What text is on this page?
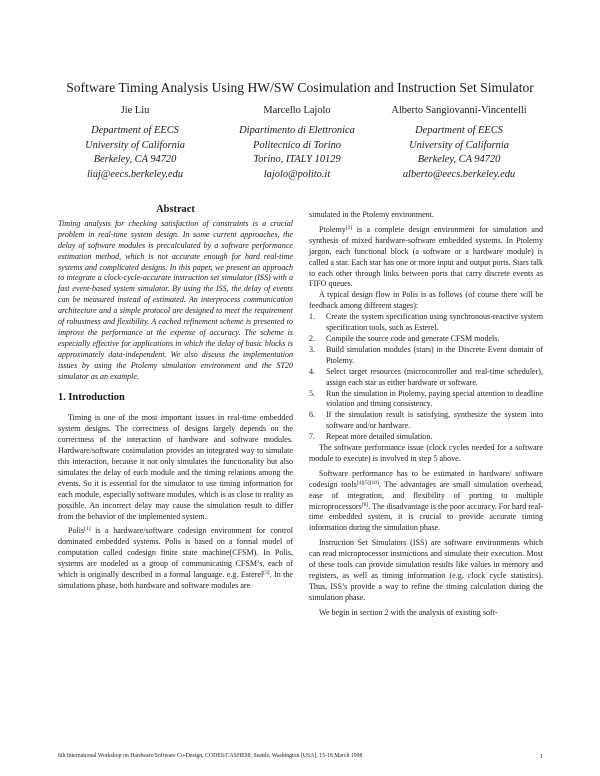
Software Timing Analysis Using HW/SW Cosimulation and Instruction Set Simulator
Jie Liu
Department of EECS
University of California
Berkeley, CA 94720
liuj@eecs.berkeley.edu
Marcello Lajolo
Dipartimento di Elettronica
Politecnico di Torino
Torino, ITALY 10129
lajolo@polito.it
Alberto Sangiovanni-Vincentelli
Department of EECS
University of California
Berkeley, CA 94720
alberto@eecs.berkeley.edu
Abstract

Timing analysis for checking satisfaction of constraints is a crucial problem in real-time system design. In some current approaches, the delay of software modules is precalculated by a software performance estimation method, which is not accurate enough for hard real-time systems and complicated designs. In this paper, we present an approach to integrate a clock-cycle-accurate instruction set simulator (ISS) with a fast event-based system simulator. By using the ISS, the delay of events can be measured instead of estimated. An interprocess communication architecture and a simple protocol are designed to meet the requirement of robustness and flexibility. A cached refinement scheme is presented to improve the performance at the expense of accuracy. The scheme is especially effective for applications in which the delay of basic blocks is approximately data-independent. We also discuss the implementation issues by using the Ptolemy simulation environment and the ST20 simulator as an example.

1. Introduction

Timing is one of the most important issues in real-time embedded system designs. The correctness of designs largely depends on the correctness of the interaction of hardware and software modules. Hardware/software cosimulation provides an integrated way to simulate this interaction, because it not only simulates the functionality but also simulates the delay of each module and the timing relations among the events. So it is essential for the simulator to use timing information for each module, especially software modules, which is as close to reality as possible. An incorrect delay may cause the simulation result to differ from the behavior of the implemented system.

Polis[1] is a hardware/software codesign environment for control dominated embedded systems. Polis is based on a formal model of computation called codesign finite state machine(CFSM). In Polis, systems are modeled as a group of communicating CFSM’s, each of which is originally described in a formal language. e.g. Esterel[3]. In the simulations phase, both hardware and software modules are

simulated in the Ptolemy environment.

Ptolemy[2] is a complete design environment for simulation and synthesis of mixed hardware-software embedded systems. In Ptolemy jargon, each functional block (a software or a hardware module) is called a star. Each star has one or more input and output ports. Stars talk to each other through links between ports that carry discrete events as FIFO queues.

A typical design flow in Polis is as follows (of course there will be feedback among different stages):

1. Create the system specification using synchronous-reactive system specification tools, such as Esterel.
2. Compile the source code and generate CFSM models.
3. Build simulation modules (stars) in the Discrete Event domain of Ptolemy.
4. Select target resources (microcontroller and real-time scheduler), assign each star as either hardware or software.
5. Run the simulation in Ptolemy, paying special attention to deadline violation and timing consistency.
6. If the simulation result is satisfying, synthesize the system into software and/or hardware.
7. Repeat more detailed simulation.

The software performance issue (clock cycles needed for a software module to execute) is involved in step 5 above.

Software performance has to be estimated in hardware/ software codesign tools[4][5][10]. The advantages are small simulation overhead, ease of integration, and flexibility of porting to multiple microprocessors[8]. The disadvantage is the poor accuracy. For hard real-time embedded system, it is crucial to provide accurate timing information during the simulation phase.

Instruction Set Simulators (ISS) are software environments which can read microprocessor instructions and simulate their execution. Most of these tools can provide simulation results like values in memory and registers, as well as timing information (e.g. clock cycle statistics). Thus, ISS’s provide a way to refine the timing calculation during the simulation phase.

We begin in section 2 with the analysis of existing soft-

6th International Workshop on Hardware/Software Co-Design, CODES/CASHE98, Seattle, Washington [USA], 15-18 March 1998	1
